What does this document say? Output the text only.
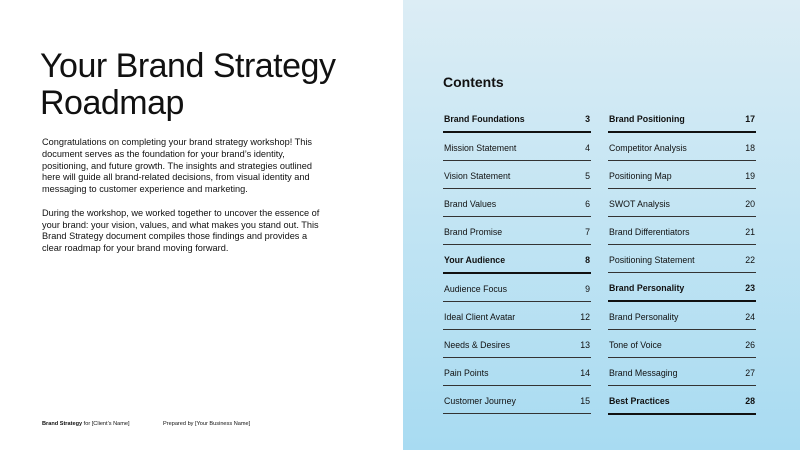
Your Brand Strategy Roadmap

Congratulations on completing your brand strategy workshop! This document serves as the foundation for your brand’s identity, positioning, and future growth. The insights and strategies outlined here will guide all brand-related decisions, from visual identity and messaging to customer experience and marketing.

During the workshop, we worked together to uncover the essence of your brand: your vision, values, and what makes you stand out. This Brand Strategy document compiles those findings and provides a clear roadmap for your brand moving forward.

Brand Strategy for [Client’s Name]	Prepared by [Your Business Name]
Contents
Brand Foundations	3
Mission Statement	4
Vision Statement	5
Brand Values	6
Brand Promise	7
Your Audience	8
Audience Focus	9
Ideal Client Avatar	12
Needs & Desires	13
Pain Points	14
Customer Journey	15
Brand Positioning	17
Competitor Analysis	18
Positioning Map	19
SWOT Analysis	20
Brand Differentiators	21
Positioning Statement	22
Brand Personality	23
Brand Personality	24
Tone of Voice	26
Brand Messaging	27
Best Practices	28
